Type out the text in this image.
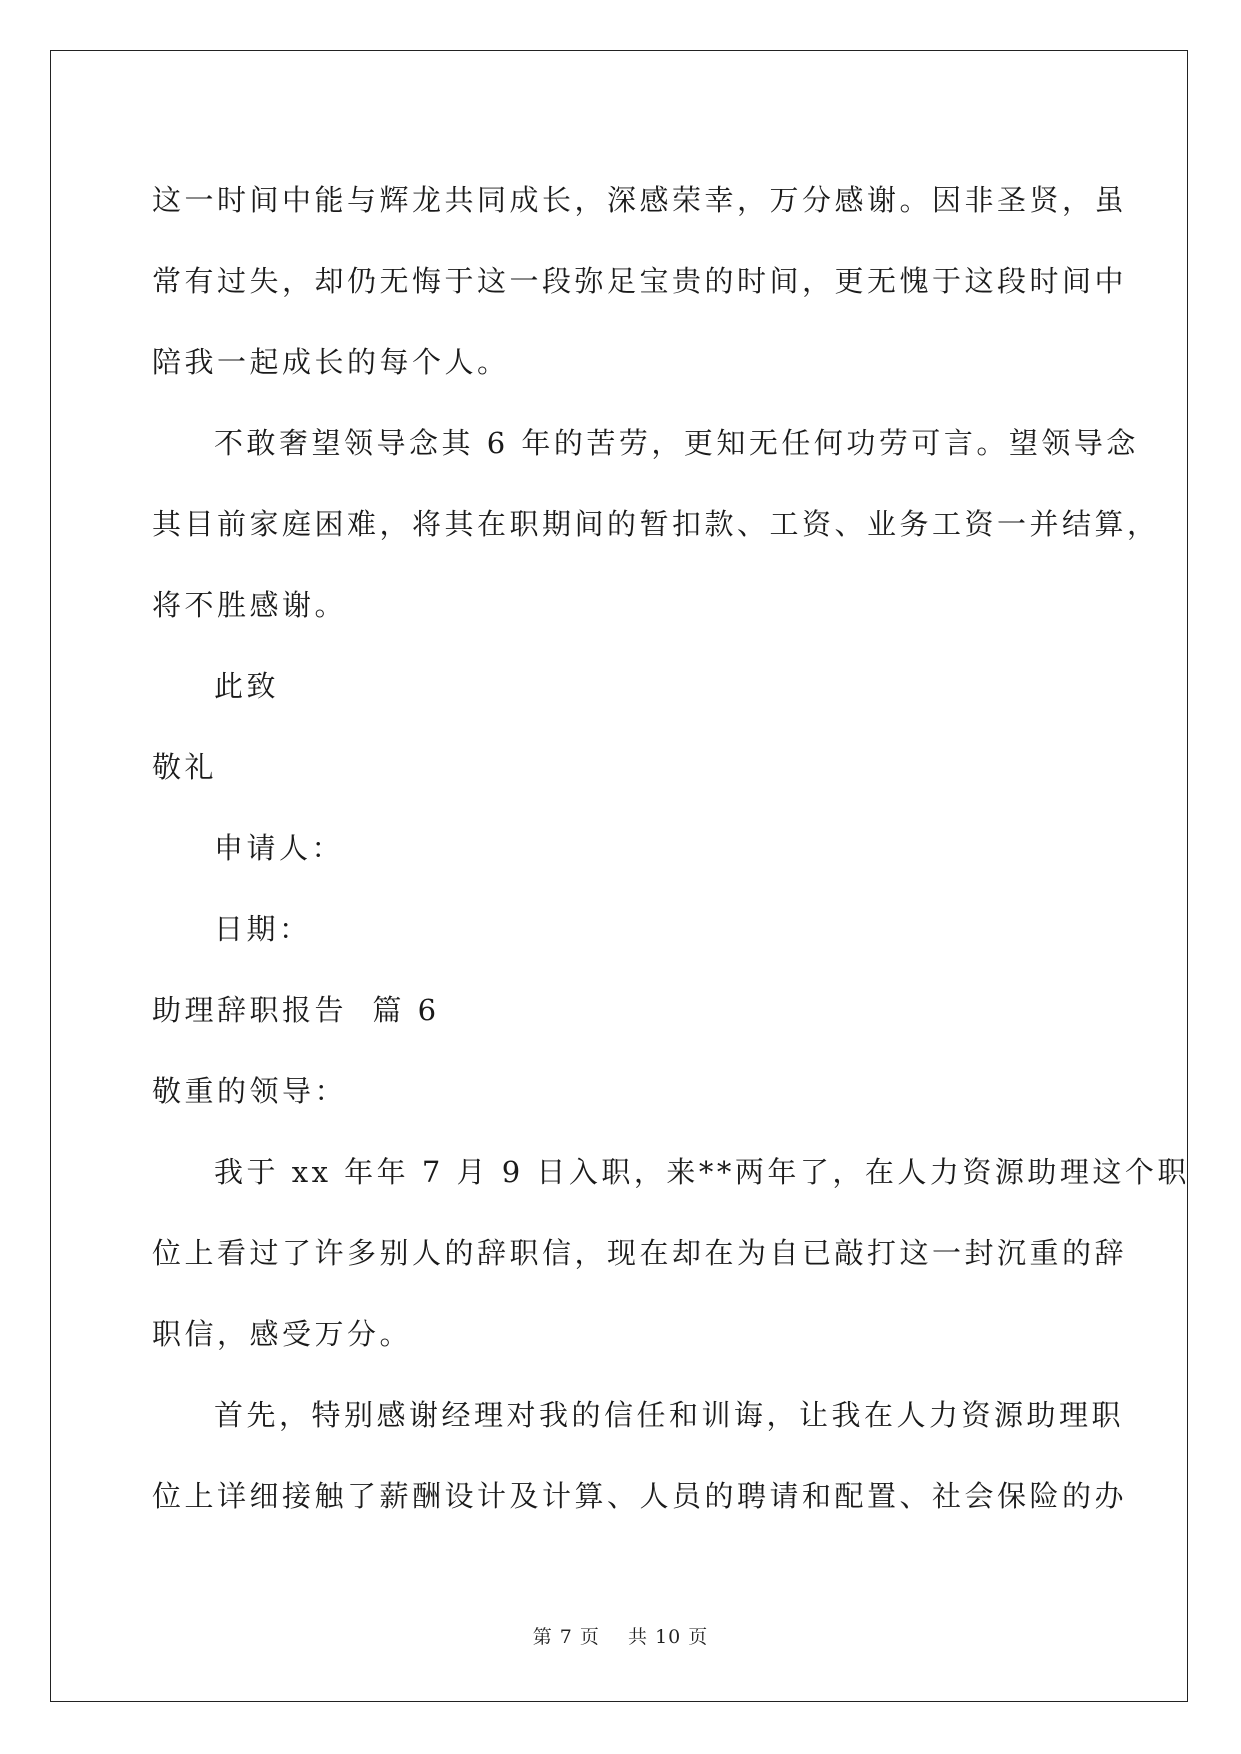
这一时间中能与辉龙共同成长，深感荣幸，万分感谢。因非圣贤，虽
常有过失，却仍无悔于这一段弥足宝贵的时间，更无愧于这段时间中
陪我一起成长的每个人。

不敢奢望领导念其 6 年的苦劳，更知无任何功劳可言。望领导念
其目前家庭困难，将其在职期间的暂扣款、工资、业务工资一并结算，
将不胜感谢。

此致

敬礼

申请人：

日期：

助理辞职报告  篇 6

敬重的领导：

我于 xx 年年 7 月 9 日入职，来**两年了，在人力资源助理这个职
位上看过了许多别人的辞职信，现在却在为自已敲打这一封沉重的辞
职信，感受万分。

首先，特别感谢经理对我的信任和训诲，让我在人力资源助理职
位上详细接触了薪酬设计及计算、人员的聘请和配置、社会保险的办

第 7 页    共 10 页
